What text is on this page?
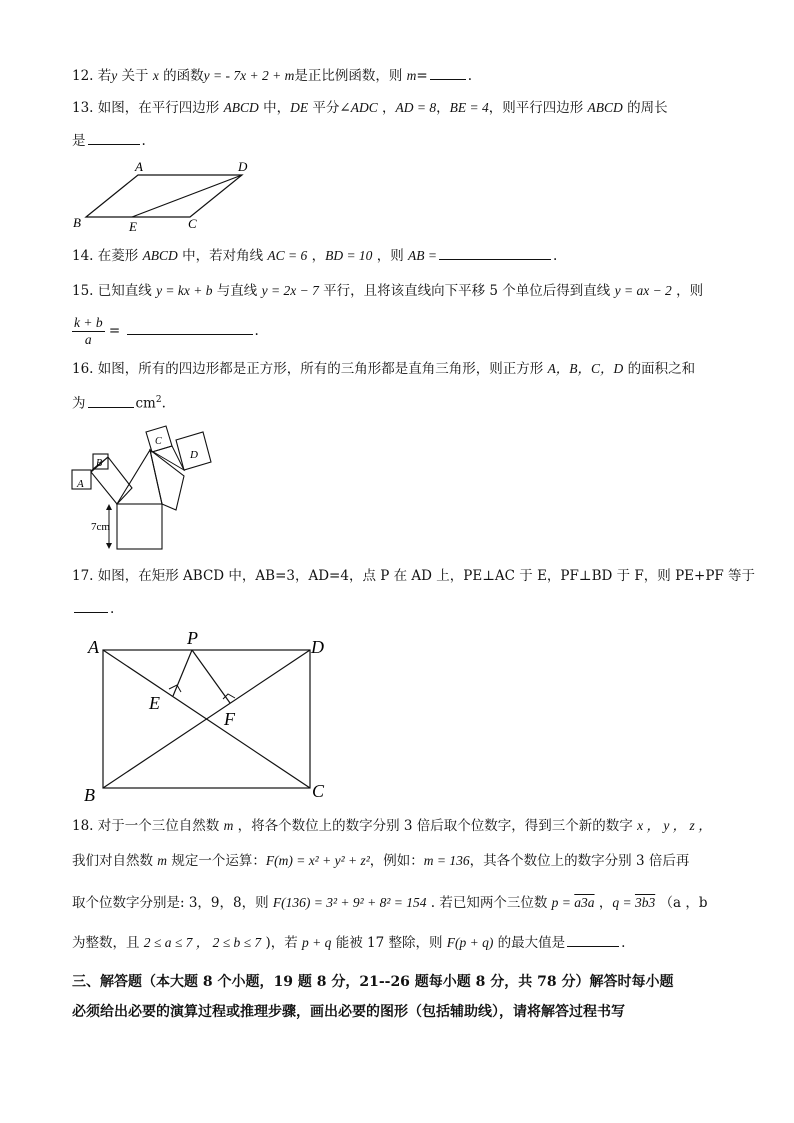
12. 若y 关于 x 的函数y = - 7x + 2 + m是正比例函数，则 m=	.
13. 如图，在平行四边形 ABCD 中，DE 平分∠ADC ，AD = 8，BE = 4，则平行四边形 ABCD 的周长
是	.
A	D
B	E	C
14. 在菱形 ABCD 中，若对角线 AC = 6 ，BD = 10 ，则 AB =	.
15. 已知直线 y = kx + b 与直线 y = 2x − 7 平行，且将该直线向下平移 5 个单位后得到直线 y = ax − 2 ，则
$\frac{k + b}{a}$ =	.
16. 如图，所有的四边形都是正方形，所有的三角形都是直角三角形，则正方形 A，B，C，D 的面积之和
为	$cm^2$.
A
B
C
D
7cm
17. 如图，在矩形 ABCD 中，AB=3，AD=4，点 P 在 AD 上，PE⊥AC 于 E，PF⊥BD 于 F，则 PE+PF 等于
.
A	P	D
E
F
B	C
18. 对于一个三位自然数 m ，将各个数位上的数字分别 3 倍后取个位数字，得到三个新的数字 x ， y ， z ，
我们对自然数 m 规定一个运算：F(m) = x² + y² + z²，例如：m = 136，其各个数位上的数字分别 3 倍后再
取个位数字分别是: 3，9，8，则 F(136) = 3² + 9² + 8² = 154 . 若已知两个三位数 p = a3a ，q = 3b3 （a ，b
为整数，且 2 ≤ a ≤ 7 ， 2 ≤ b ≤ 7 )，若 p + q 能被 17 整除，则 F(p + q) 的最大值是	.
三、解答题（本大题 8 个小题，19 题 8 分，21--26 题每小题 8 分，共 78 分）解答时每小题
必须给出必要的演算过程或推理步骤，画出必要的图形（包括辅助线），请将解答过程书写
